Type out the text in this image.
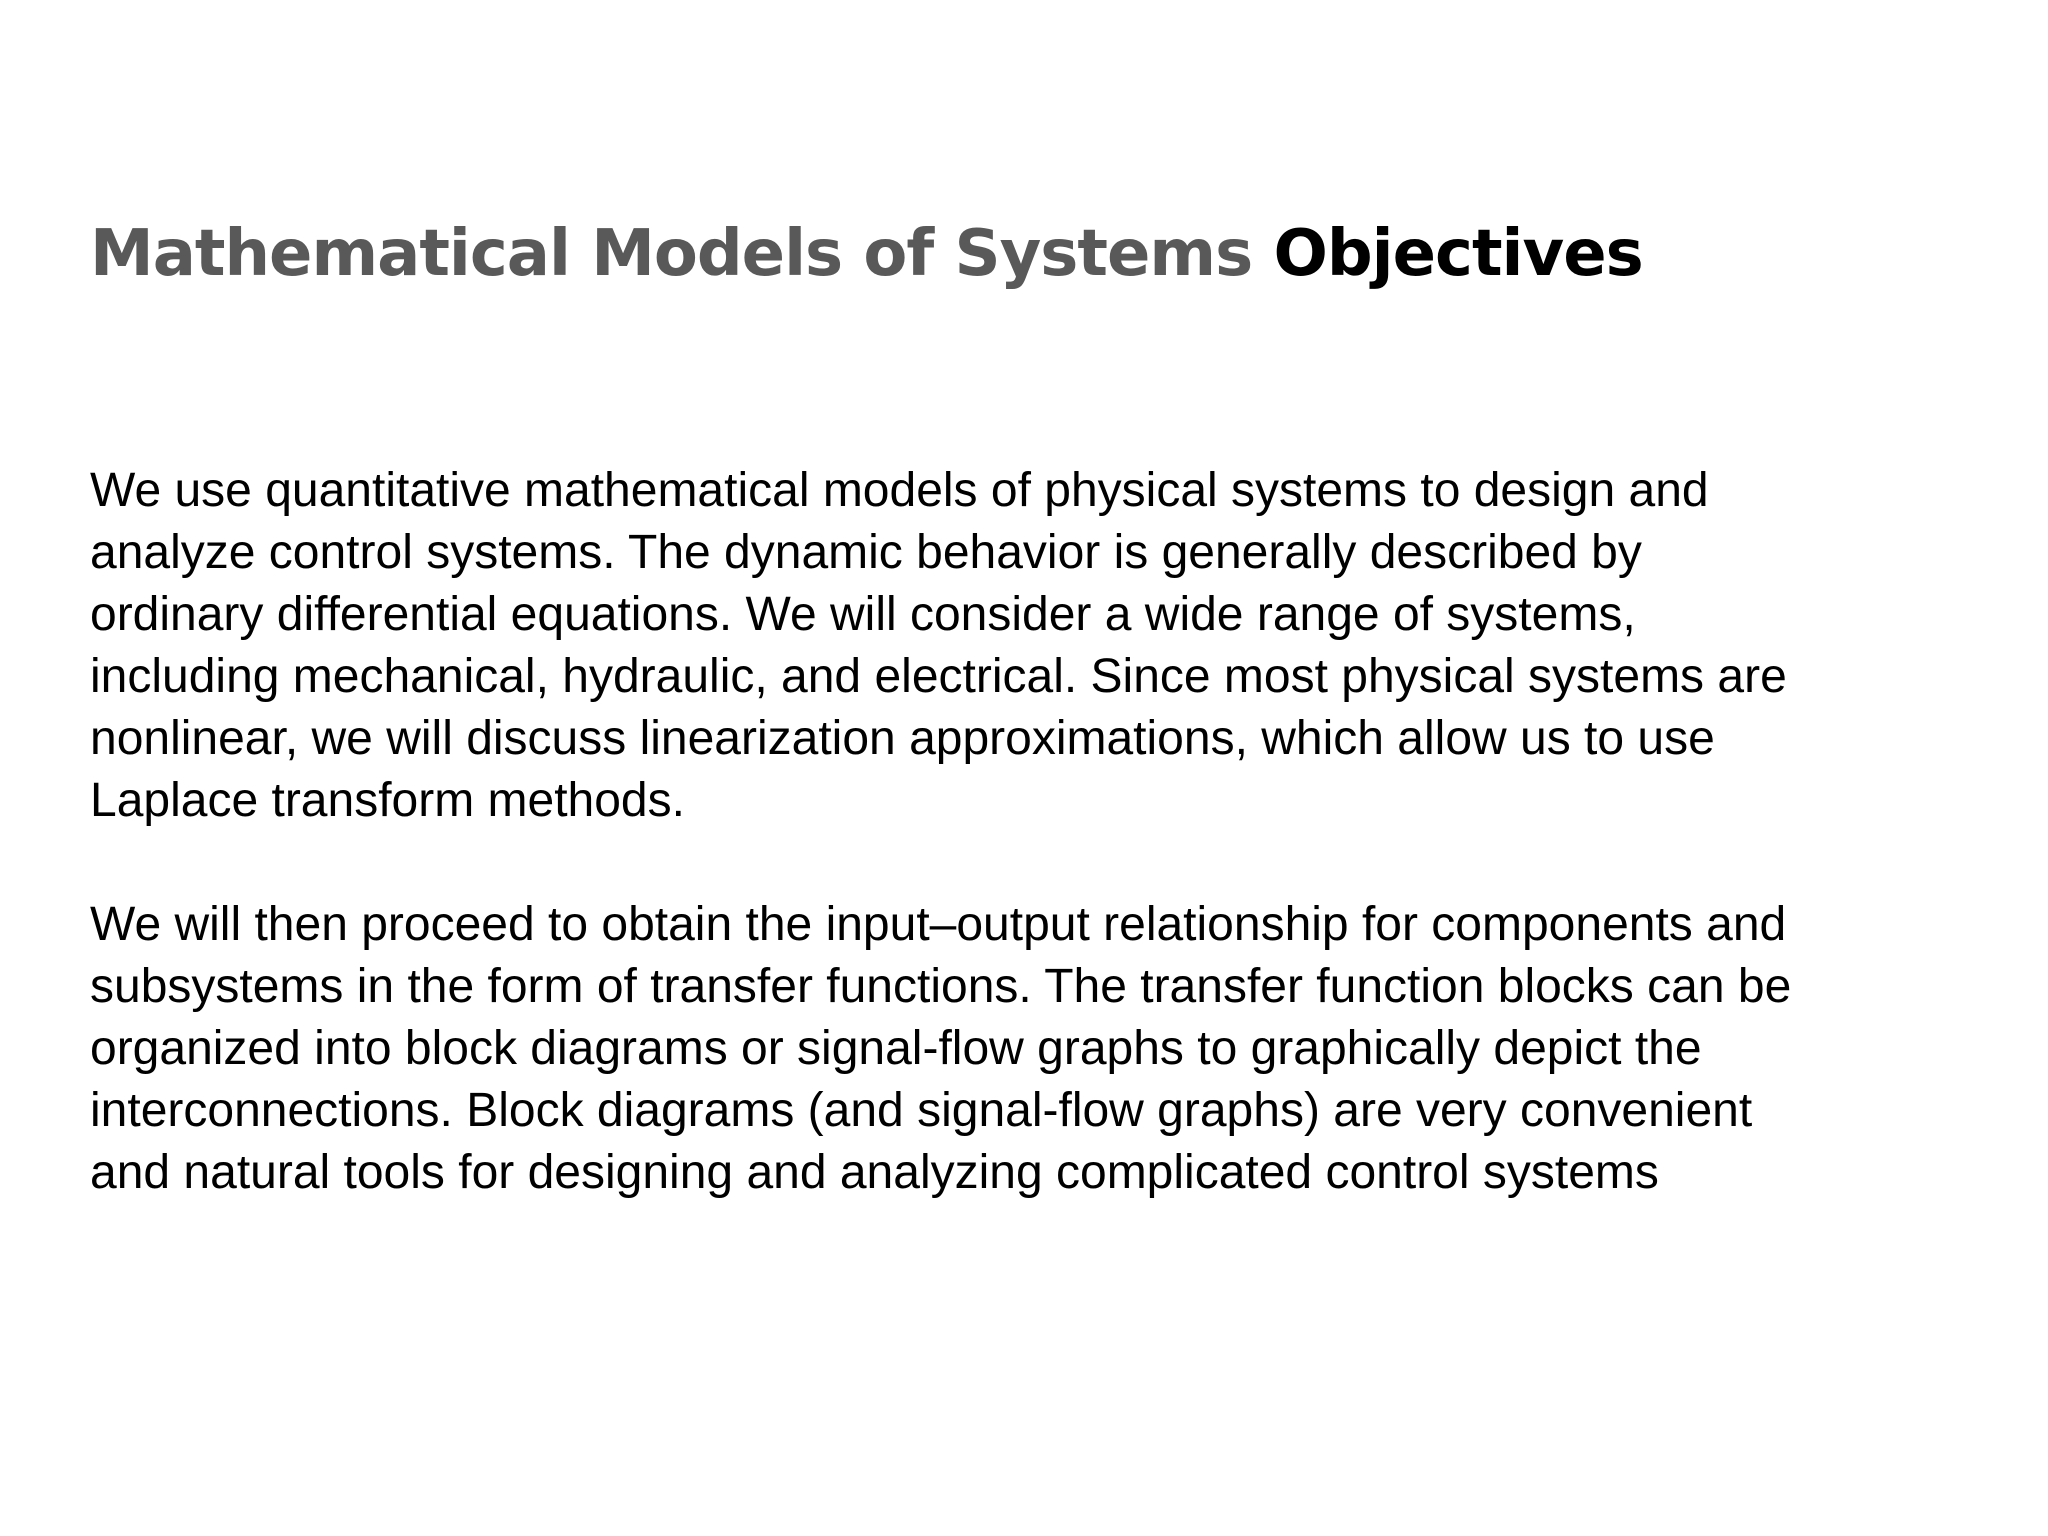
Mathematical Models of Systems Objectives

We use quantitative mathematical models of physical systems to design and
analyze control systems. The dynamic behavior is generally described by
ordinary differential equations. We will consider a wide range of systems,
including mechanical, hydraulic, and electrical. Since most physical systems are
nonlinear, we will discuss linearization approximations, which allow us to use
Laplace transform methods.

We will then proceed to obtain the input–output relationship for components and
subsystems in the form of transfer functions. The transfer function blocks can be
organized into block diagrams or signal-flow graphs to graphically depict the
interconnections. Block diagrams (and signal-flow graphs) are very convenient
and natural tools for designing and analyzing complicated control systems
